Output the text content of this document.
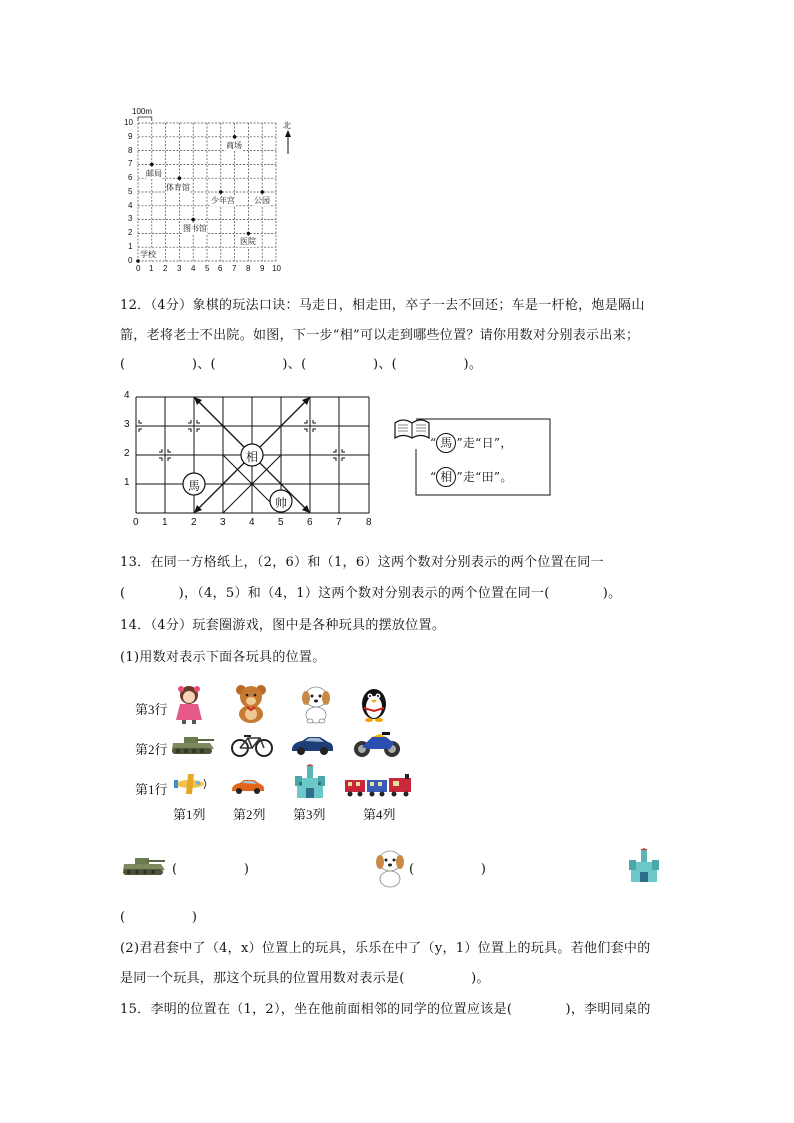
100m
北
0
1
2
3
4
5
6
7
8
9
10
0 1 2 3 4 5 6 7 8 9 10
学校
邮局
体育馆
商场
少年宫 公园
图书馆
医院
12．（4分）象棋的玩法口诀：马走日，相走田，卒子一去不回还；车是一杆枪，炮是隔山
箭，老将老士不出院。如图，下一步“相”可以走到哪些位置？请你用数对分别表示出来；
(　　　　　)、(　　　　　)、(　　　　　)、(　　　　　)。
相
馬
帅
4
3
2
1
0 1 2 3 4 5 6 7 8
“ 馬 ”走“日”，
“ 相 ”走“田”。
13．在同一方格纸上，（2，6）和（1，6）这两个数对分别表示的两个位置在同一
(　　　　)，（4，5）和（4，1）这两个数对分别表示的两个位置在同一(　　　　)。
14．（4分）玩套圈游戏，图中是各种玩具的摆放位置。
(1)用数对表示下面各玩具的位置。
第3行
第2行
第1行
第1列 第2列 第3列	第4列
(　　　　　)	(　　　　　)
(　　　　　)
(2)君君套中了（4，x）位置上的玩具，乐乐在中了（y，1）位置上的玩具。若他们套中的
是同一个玩具，那这个玩具的位置用数对表示是(　　　　　)。
15．李明的位置在（1，2），坐在他前面相邻的同学的位置应该是(　　　　)，李明同桌的
